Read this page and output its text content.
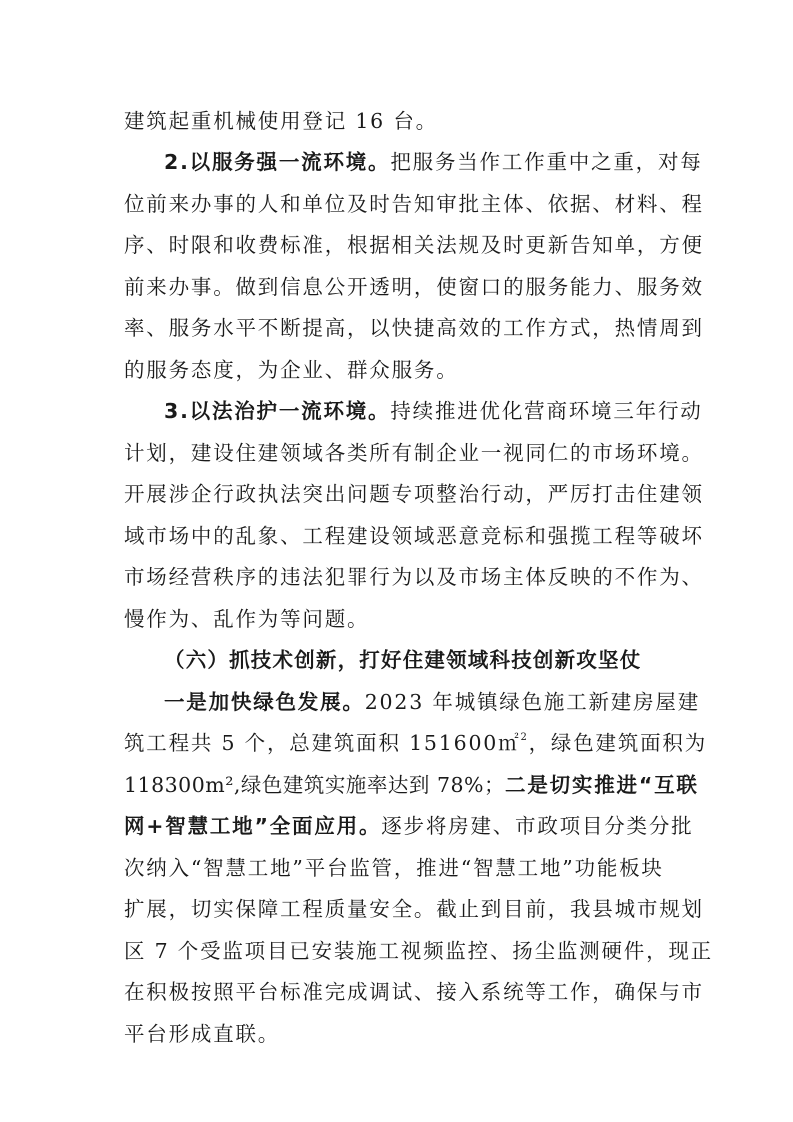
建筑起重机械使用登记 16 台。
2.以服务强一流环境。把服务当作工作重中之重，对每
位前来办事的人和单位及时告知审批主体、依据、材料、程
序、时限和收费标准，根据相关法规及时更新告知单，方便
前来办事。做到信息公开透明，使窗口的服务能力、服务效
率、服务水平不断提高，以快捷高效的工作方式，热情周到
的服务态度，为企业、群众服务。
3.以法治护一流环境。持续推进优化营商环境三年行动
计划，建设住建领域各类所有制企业一视同仁的市场环境。
开展涉企行政执法突出问题专项整治行动，严厉打击住建领
域市场中的乱象、工程建设领域恶意竞标和强揽工程等破坏
市场经营秩序的违法犯罪行为以及市场主体反映的不作为、
慢作为、乱作为等问题。
（六）抓技术创新，打好住建领域科技创新攻坚仗
一是加快绿色发展。2023 年城镇绿色施工新建房屋建
筑工程共 5 个，总建筑面积 151600㎡$^2$，绿色建筑面积为
118300m²,绿色建筑实施率达到 78%；二是切实推进“互联
网+智慧工地”全面应用。逐步将房建、市政项目分类分批
次纳入“智慧工地”平台监管，推进“智慧工地”功能板块
扩展，切实保障工程质量安全。截止到目前，我县城市规划
区 7 个受监项目已安装施工视频监控、扬尘监测硬件，现正
在积极按照平台标准完成调试、接入系统等工作，确保与市
平台形成直联。
